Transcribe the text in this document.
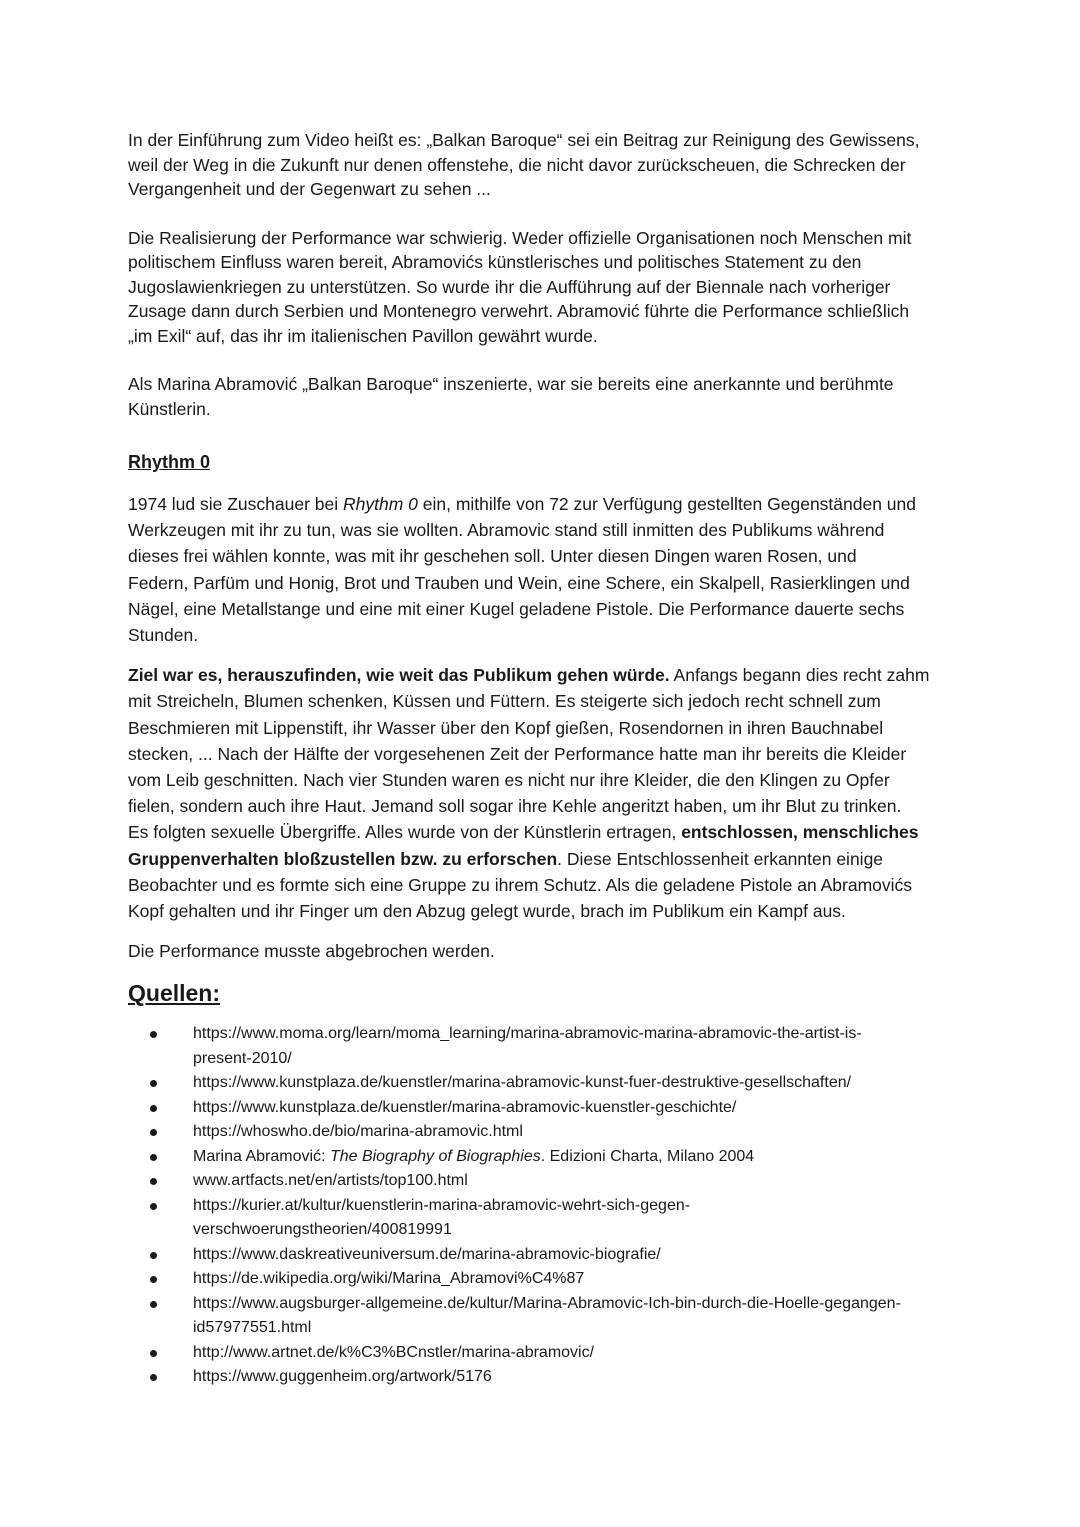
In der Einführung zum Video heißt es: „Balkan Baroque“ sei ein Beitrag zur Reinigung des Gewissens,
weil der Weg in die Zukunft nur denen offenstehe, die nicht davor zurückscheuen, die Schrecken der
Vergangenheit und der Gegenwart zu sehen ...

Die Realisierung der Performance war schwierig. Weder offizielle Organisationen noch Menschen mit
politischem Einfluss waren bereit, Abramovićs künstlerisches und politisches Statement zu den
Jugoslawienkriegen zu unterstützen. So wurde ihr die Aufführung auf der Biennale nach vorheriger
Zusage dann durch Serbien und Montenegro verwehrt. Abramović führte die Performance schließlich
„im Exil“ auf, das ihr im italienischen Pavillon gewährt wurde.

Als Marina Abramović „Balkan Baroque“ inszenierte, war sie bereits eine anerkannte und berühmte
Künstlerin.

Rhythm 0

1974 lud sie Zuschauer bei Rhythm 0 ein, mithilfe von 72 zur Verfügung gestellten Gegenständen und
Werkzeugen mit ihr zu tun, was sie wollten. Abramovic stand still inmitten des Publikums während
dieses frei wählen konnte, was mit ihr geschehen soll. Unter diesen Dingen waren Rosen, und
Federn, Parfüm und Honig, Brot und Trauben und Wein, eine Schere, ein Skalpell, Rasierklingen und
Nägel, eine Metallstange und eine mit einer Kugel geladene Pistole. Die Performance dauerte sechs
Stunden.

Ziel war es, herauszufinden, wie weit das Publikum gehen würde. Anfangs begann dies recht zahm
mit Streicheln, Blumen schenken, Küssen und Füttern. Es steigerte sich jedoch recht schnell zum
Beschmieren mit Lippenstift, ihr Wasser über den Kopf gießen, Rosendornen in ihren Bauchnabel
stecken, ... Nach der Hälfte der vorgesehenen Zeit der Performance hatte man ihr bereits die Kleider
vom Leib geschnitten. Nach vier Stunden waren es nicht nur ihre Kleider, die den Klingen zu Opfer
fielen, sondern auch ihre Haut. Jemand soll sogar ihre Kehle angeritzt haben, um ihr Blut zu trinken.
Es folgten sexuelle Übergriffe. Alles wurde von der Künstlerin ertragen, entschlossen, menschliches
Gruppenverhalten bloßzustellen bzw. zu erforschen. Diese Entschlossenheit erkannten einige
Beobachter und es formte sich eine Gruppe zu ihrem Schutz. Als die geladene Pistole an Abramovićs
Kopf gehalten und ihr Finger um den Abzug gelegt wurde, brach im Publikum ein Kampf aus.

Die Performance musste abgebrochen werden.

Quellen:
https://www.moma.org/learn/moma_learning/marina-abramovic-marina-abramovic-the-artist-is-
present-2010/
https://www.kunstplaza.de/kuenstler/marina-abramovic-kunst-fuer-destruktive-gesellschaften/
https://www.kunstplaza.de/kuenstler/marina-abramovic-kuenstler-geschichte/
https://whoswho.de/bio/marina-abramovic.html
Marina Abramović: The Biography of Biographies. Edizioni Charta, Milano 2004
www.artfacts.net/en/artists/top100.html
https://kurier.at/kultur/kuenstlerin-marina-abramovic-wehrt-sich-gegen-
verschwoerungstheorien/400819991
https://www.daskreativeuniversum.de/marina-abramovic-biografie/
https://de.wikipedia.org/wiki/Marina_Abramovi%C4%87
https://www.augsburger-allgemeine.de/kultur/Marina-Abramovic-Ich-bin-durch-die-Hoelle-gegangen-
id57977551.html
http://www.artnet.de/k%C3%BCnstler/marina-abramovic/
https://www.guggenheim.org/artwork/5176
